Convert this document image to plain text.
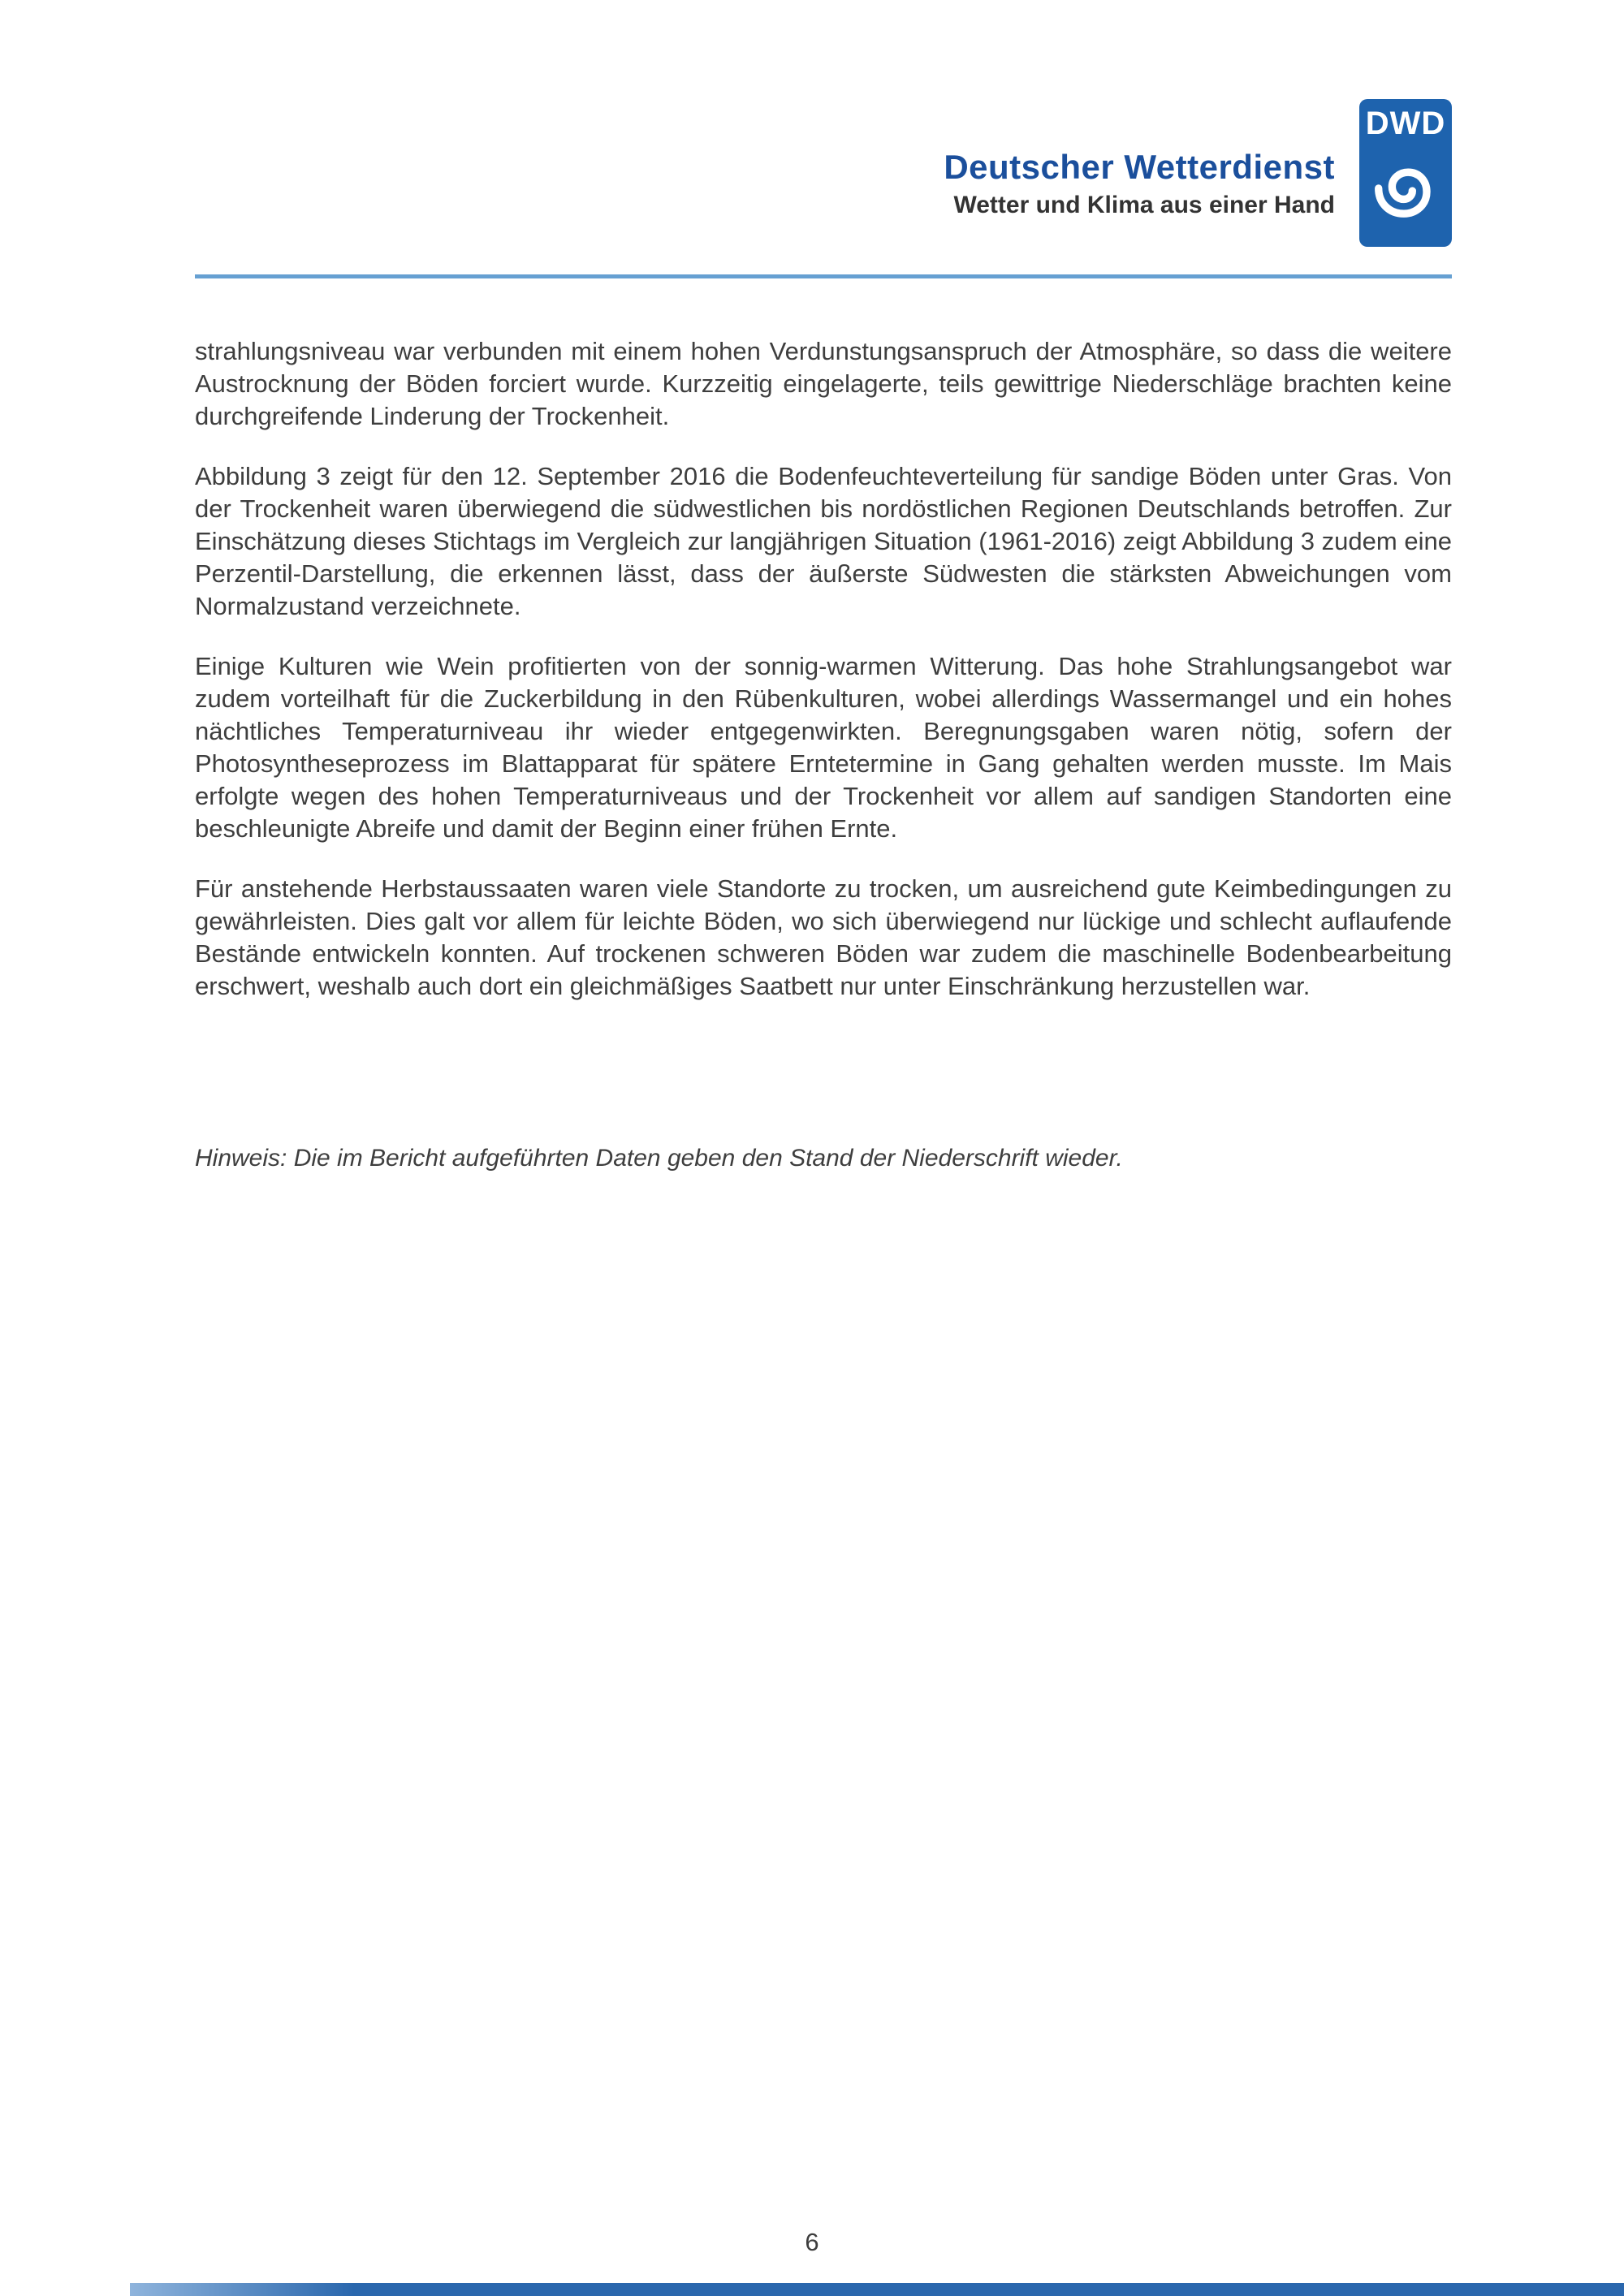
Deutscher Wetterdienst
Wetter und Klima aus einer Hand
DWD

strahlungsniveau war verbunden mit einem hohen Verdunstungsanspruch der Atmosphäre, so dass die weitere Austrocknung der Böden forciert wurde. Kurzzeitig eingelagerte, teils gewittrige Niederschläge brachten keine durchgreifende Linderung der Trockenheit.

Abbildung 3 zeigt für den 12. September 2016 die Bodenfeuchteverteilung für sandige Böden unter Gras. Von der Trockenheit waren überwiegend die südwestlichen bis nordöstlichen Regionen Deutschlands betroffen. Zur Einschätzung dieses Stichtags im Vergleich zur langjährigen Situation (1961-2016) zeigt Abbildung 3 zudem eine Perzentil-Darstellung, die erkennen lässt, dass der äußerste Südwesten die stärksten Abweichungen vom Normalzustand verzeichnete.

Einige Kulturen wie Wein profitierten von der sonnig-warmen Witterung. Das hohe Strahlungsangebot war zudem vorteilhaft für die Zuckerbildung in den Rübenkulturen, wobei allerdings Wassermangel und ein hohes nächtliches Temperaturniveau ihr wieder entgegenwirkten. Beregnungsgaben waren nötig, sofern der Photosyntheseprozess im Blattapparat für spätere Erntetermine in Gang gehalten werden musste. Im Mais erfolgte wegen des hohen Temperaturniveaus und der Trockenheit vor allem auf sandigen Standorten eine beschleunigte Abreife und damit der Beginn einer frühen Ernte.

Für anstehende Herbstaussaaten waren viele Standorte zu trocken, um ausreichend gute Keimbedingungen zu gewährleisten. Dies galt vor allem für leichte Böden, wo sich überwiegend nur lückige und schlecht auflaufende Bestände entwickeln konnten. Auf trockenen schweren Böden war zudem die maschinelle Bodenbearbeitung erschwert, weshalb auch dort ein gleichmäßiges Saatbett nur unter Einschränkung herzustellen war.

Hinweis: Die im Bericht aufgeführten Daten geben den Stand der Niederschrift wieder.

6
